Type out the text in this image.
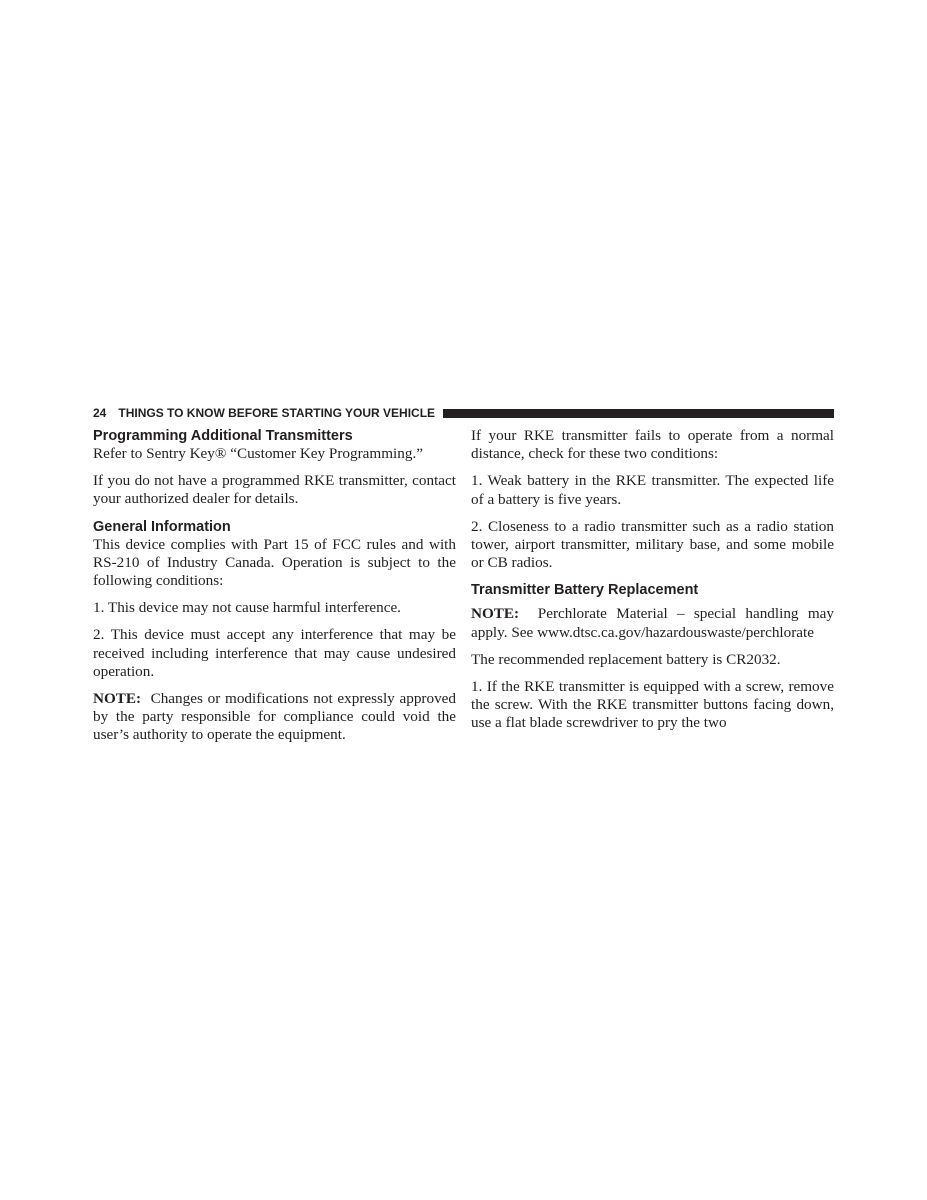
24 THINGS TO KNOW BEFORE STARTING YOUR VEHICLE
Programming Additional Transmitters

Refer to Sentry Key® “Customer Key Programming.”

If you do not have a programmed RKE transmitter, contact your authorized dealer for details.

General Information

This device complies with Part 15 of FCC rules and with RS-210 of Industry Canada. Operation is subject to the following conditions:

1. This device may not cause harmful interference.

2. This device must accept any interference that may be received including interference that may cause undesired operation.

NOTE: Changes or modifications not expressly approved by the party responsible for compliance could void the user’s authority to operate the equipment.

If your RKE transmitter fails to operate from a normal distance, check for these two conditions:

1. Weak battery in the RKE transmitter. The expected life of a battery is five years.

2. Closeness to a radio transmitter such as a radio station tower, airport transmitter, military base, and some mobile or CB radios.

Transmitter Battery Replacement

NOTE: Perchlorate Material – special handling may apply. See www.dtsc.ca.gov/hazardouswaste/perchlorate

The recommended replacement battery is CR2032.

1. If the RKE transmitter is equipped with a screw, remove the screw. With the RKE transmitter buttons facing down, use a flat blade screwdriver to pry the two
